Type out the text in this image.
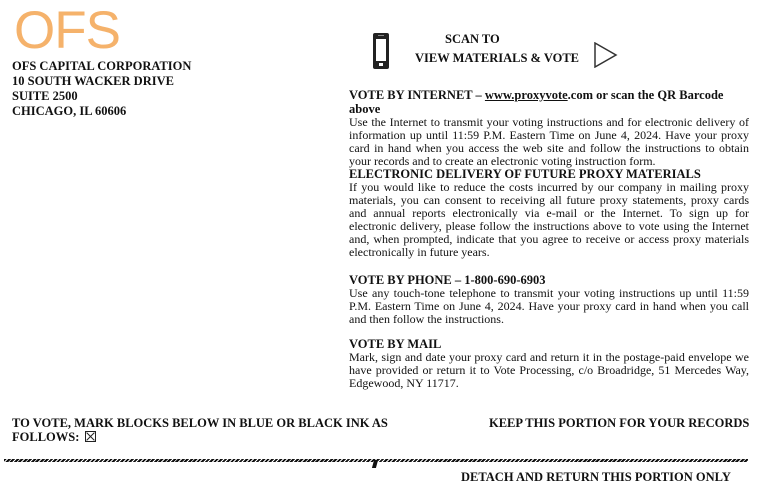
OFS
OFS CAPITAL CORPORATION
10 SOUTH WACKER DRIVE
SUITE 2500
CHICAGO, IL 60606
SCAN TO
VIEW MATERIALS & VOTE
VOTE BY INTERNET – www.proxyvote.com or scan the QR Barcode above

Use the Internet to transmit your voting instructions and for electronic delivery of information up until 11:59 P.M. Eastern Time on June 4, 2024. Have your proxy card in hand when you access the web site and follow the instructions to obtain your records and to create an electronic voting instruction form.

ELECTRONIC DELIVERY OF FUTURE PROXY MATERIALS

If you would like to reduce the costs incurred by our company in mailing proxy materials, you can consent to receiving all future proxy statements, proxy cards and annual reports electronically via e-mail or the Internet. To sign up for electronic delivery, please follow the instructions above to vote using the Internet and, when prompted, indicate that you agree to receive or access proxy materials electronically in future years.

VOTE BY PHONE – 1-800-690-6903

Use any touch-tone telephone to transmit your voting instructions up until 11:59 P.M. Eastern Time on June 4, 2024. Have your proxy card in hand when you call and then follow the instructions.

VOTE BY MAIL

Mark, sign and date your proxy card and return it in the postage-paid envelope we have provided or return it to Vote Processing, c/o Broadridge, 51 Mercedes Way, Edgewood, NY 11717.

TO VOTE, MARK BLOCKS BELOW IN BLUE OR BLACK INK AS FOLLOWS:
KEEP THIS PORTION FOR YOUR RECORDS
DETACH AND RETURN THIS PORTION ONLY
